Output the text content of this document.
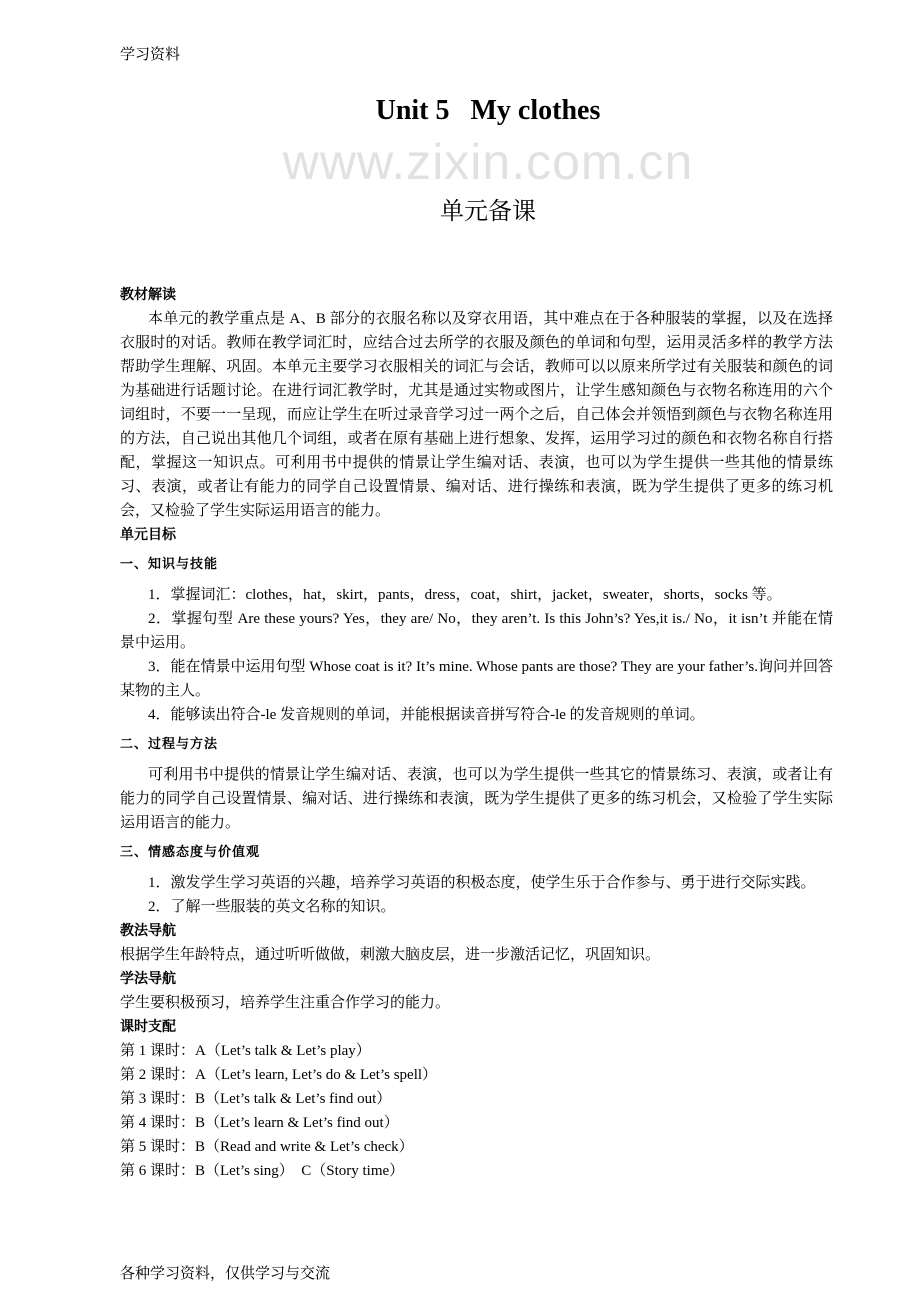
学习资料
Unit 5   My clothes
www.zixin.com.cn
单元备课
教材解读

本单元的教学重点是 A、B 部分的衣服名称以及穿衣用语，其中难点在于各种服装的掌握，以及在选择衣服时的对话。教师在教学词汇时，应结合过去所学的衣服及颜色的单词和句型，运用灵活多样的教学方法帮助学生理解、巩固。本单元主要学习衣服相关的词汇与会话，教师可以以原来所学过有关服装和颜色的词为基础进行话题讨论。在进行词汇教学时，尤其是通过实物或图片，让学生感知颜色与衣物名称连用的六个词组时，不要一一呈现，而应让学生在听过录音学习过一两个之后，自己体会并领悟到颜色与衣物名称连用的方法，自己说出其他几个词组，或者在原有基础上进行想象、发挥，运用学习过的颜色和衣物名称自行搭配，掌握这一知识点。可利用书中提供的情景让学生编对话、表演，也可以为学生提供一些其他的情景练习、表演，或者让有能力的同学自己设置情景、编对话、进行操练和表演，既为学生提供了更多的练习机会，又检验了学生实际运用语言的能力。

单元目标
一、知识与技能

1．掌握词汇：clothes，hat，skirt，pants，dress，coat，shirt，jacket，sweater，shorts，socks 等。

2．掌握句型 Are these yours? Yes，they are/ No，they aren’t. Is this John’s? Yes,it is./ No，it isn’t 并能在情景中运用。

3．能在情景中运用句型 Whose coat is it? It’s mine. Whose pants are those? They are your father’s.询问并回答某物的主人。

4．能够读出符合-le 发音规则的单词，并能根据读音拼写符合-le 的发音规则的单词。

二、过程与方法

可利用书中提供的情景让学生编对话、表演，也可以为学生提供一些其它的情景练习、表演，或者让有能力的同学自己设置情景、编对话、进行操练和表演，既为学生提供了更多的练习机会，又检验了学生实际运用语言的能力。

三、情感态度与价值观

1．激发学生学习英语的兴趣，培养学习英语的积极态度，使学生乐于合作参与、勇于进行交际实践。

2．了解一些服装的英文名称的知识。

教法导航

根据学生年龄特点，通过听听做做，刺激大脑皮层，进一步激活记忆，巩固知识。

学法导航

学生要积极预习，培养学生注重合作学习的能力。

课时支配

第 1 课时：A（Let’s talk & Let’s play）

第 2 课时：A（Let’s learn, Let’s do & Let’s spell）

第 3 课时：B（Let’s talk & Let’s find out）

第 4 课时：B（Let’s learn & Let’s find out）

第 5 课时：B（Read and write & Let’s check）

第 6 课时：B（Let’s sing）  C（Story time）

各种学习资料，仅供学习与交流
